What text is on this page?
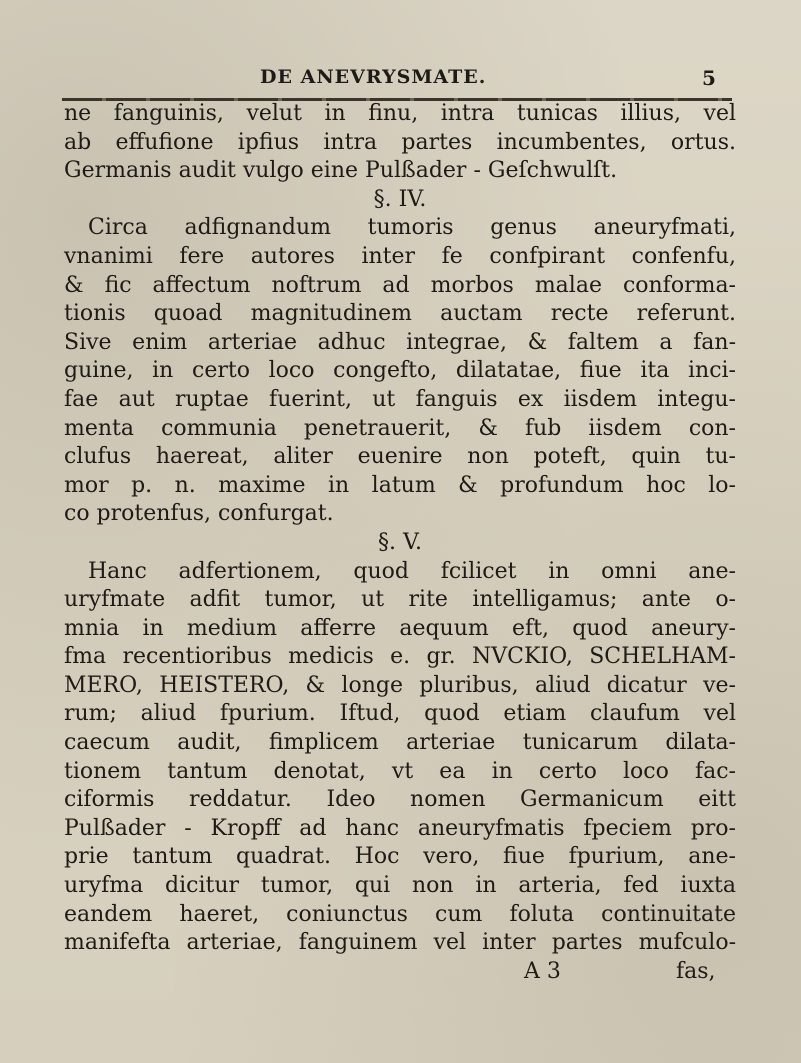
DE ANEVRYSMATE.	5
ne fanguinis, velut in finu, intra tunicas illius, vel
ab effufione ipfius intra partes incumbentes, ortus.
Germanis audit vulgo eine Pulßader - Geſchwulſt.
§. IV.
Circa adfignandum tumoris genus aneuryfmati,
vnanimi fere autores inter fe confpirant confenfu,
& fic affectum noftrum ad morbos malae conforma-
tionis quoad magnitudinem auctam recte referunt.
Sive enim arteriae adhuc integrae, & faltem a fan-
guine, in certo loco congefto, dilatatae, fiue ita inci-
fae aut ruptae fuerint, ut fanguis ex iisdem integu-
menta communia penetrauerit, & fub iisdem con-
clufus haereat, aliter euenire non poteft, quin tu-
mor p. n. maxime in latum & profundum hoc lo-
co protenfus, confurgat.
§. V.
Hanc adfertionem, quod fcilicet in omni ane-
uryfmate adfit tumor, ut rite intelligamus; ante o-
mnia in medium afferre aequum eft, quod aneury-
fma recentioribus medicis e. gr. NVCKIO, SCHELHAM-
MERO, HEISTERO, & longe pluribus, aliud dicatur ve-
rum; aliud fpurium. Iftud, quod etiam claufum vel
caecum audit, fimplicem arteriae tunicarum dilata-
tionem tantum denotat, vt ea in certo loco fac-
ciformis reddatur. Ideo nomen Germanicum eitt
Pulßader - Kropff ad hanc aneuryfmatis fpeciem pro-
prie tantum quadrat. Hoc vero, fiue fpurium, ane-
uryfma dicitur tumor, qui non in arteria, fed iuxta
eandem haeret, coniunctus cum foluta continuitate
manifefta arteriae, fanguinem vel inter partes mufculo-
A 3	fas,
